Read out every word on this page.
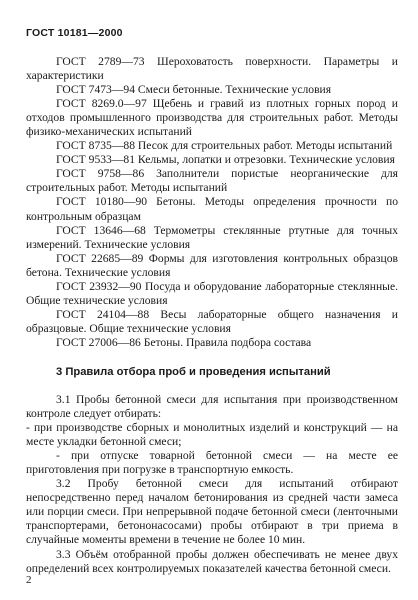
ГОСТ 10181—2000

ГОСТ 2789—73 Шероховатость поверхности. Параметры и характеристики

ГОСТ 7473—94 Смеси бетонные. Технические условия

ГОСТ 8269.0—97 Щебень и гравий из плотных горных пород и отходов промышленного производства для строительных работ. Методы физико-механических испытаний

ГОСТ 8735—88 Песок для строительных работ. Методы испытаний

ГОСТ 9533—81 Кельмы, лопатки и отрезовки. Технические условия

ГОСТ 9758—86 Заполнители пористые неорганические для строительных работ. Методы испытаний

ГОСТ 10180—90 Бетоны. Методы определения прочности по контрольным образцам

ГОСТ 13646—68 Термометры стеклянные ртутные для точных измерений. Технические условия

ГОСТ 22685—89 Формы для изготовления контрольных образцов бетона. Технические условия

ГОСТ 23932—90 Посуда и оборудование лабораторные стеклянные. Общие технические условия

ГОСТ 24104—88 Весы лабораторные общего назначения и образцовые. Общие технические условия

ГОСТ 27006—86 Бетоны. Правила подбора состава

3 Правила отбора проб и проведения испытаний

3.1 Пробы бетонной смеси для испытания при производственном контроле следует отбирать:

- при производстве сборных и монолитных изделий и конструкций — на месте укладки бетонной смеси;

- при отпуске товарной бетонной смеси — на месте ее приготовления при погрузке в транспортную емкость.

3.2 Пробу бетонной смеси для испытаний отбирают непосредственно перед началом бетонирования из средней части замеса или порции смеси. При непрерывной подаче бетонной смеси (ленточными транспортерами, бетононасосами) пробы отбирают в три приема в случайные моменты времени в течение не более 10 мин.

3.3 Объём отобранной пробы должен обеспечивать не менее двух определений всех контролируемых показателей качества бетонной смеси.

2
